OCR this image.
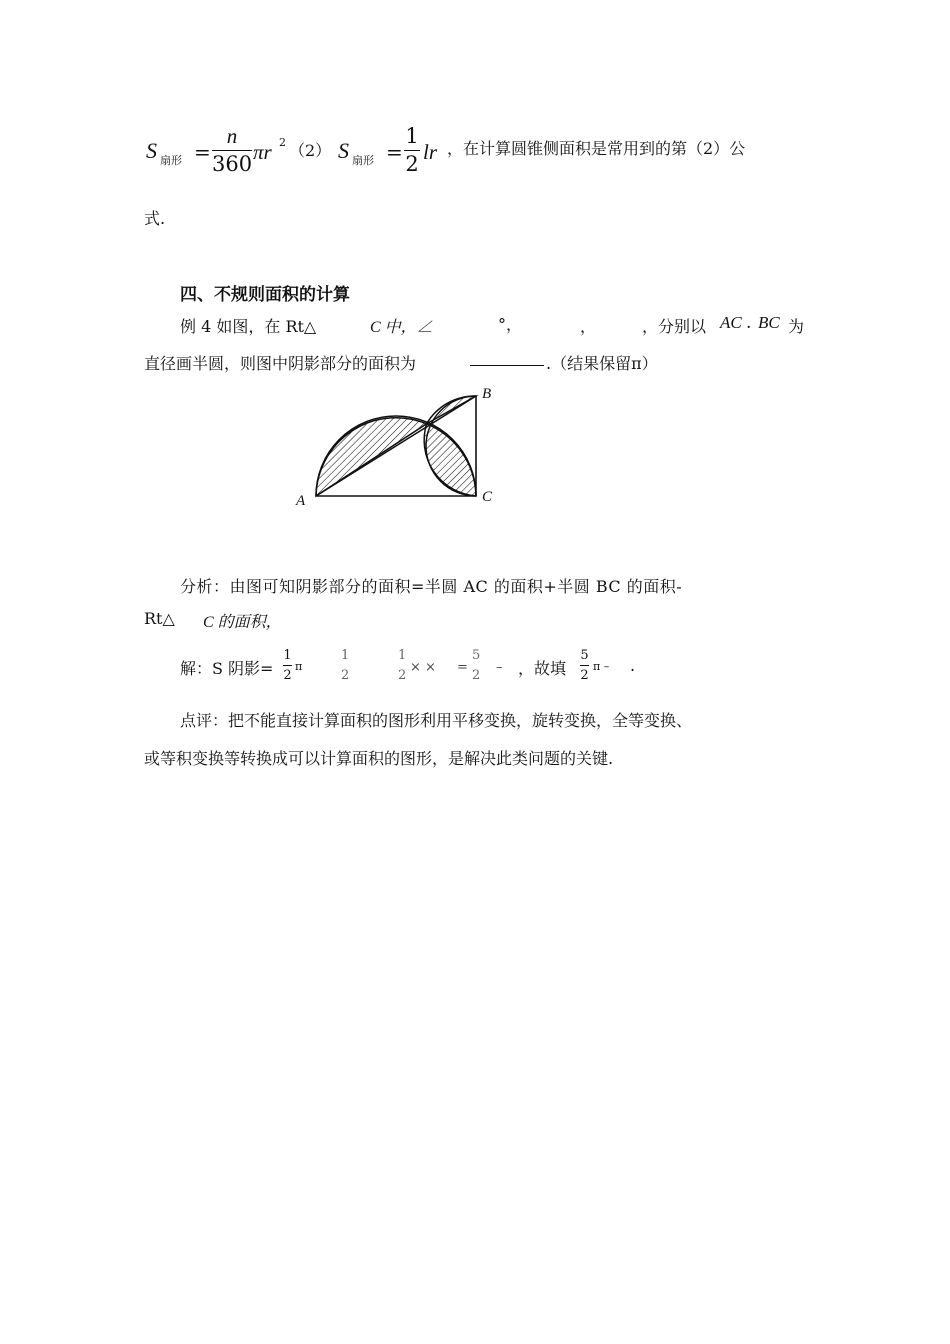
S 扇形 =
n
360 πr 2 （2） S 扇形 =
1
2 lr ，在计算圆锥侧面积是常用到的第（2）公
式.
四、不规则面积的计算
例 4 如图，在 Rt△	C 中，∠	°，	，	，分别以 AC . BC 为
直径画半圆，则图中阴影部分的面积为	.（结果保留π）
A
B
C
分析：由图可知阴影部分的面积=半圆 AC 的面积+半圆 BC 的面积-
Rt△ C 的面积，
解：S 阴影=
1
2
π
1
2
1
2
× × =
5
2
– ，故填
5
2
π – .
点评：把不能直接计算面积的图形利用平移变换，旋转变换，全等变换、
或等积变换等转换成可以计算面积的图形，是解决此类问题的关键.
